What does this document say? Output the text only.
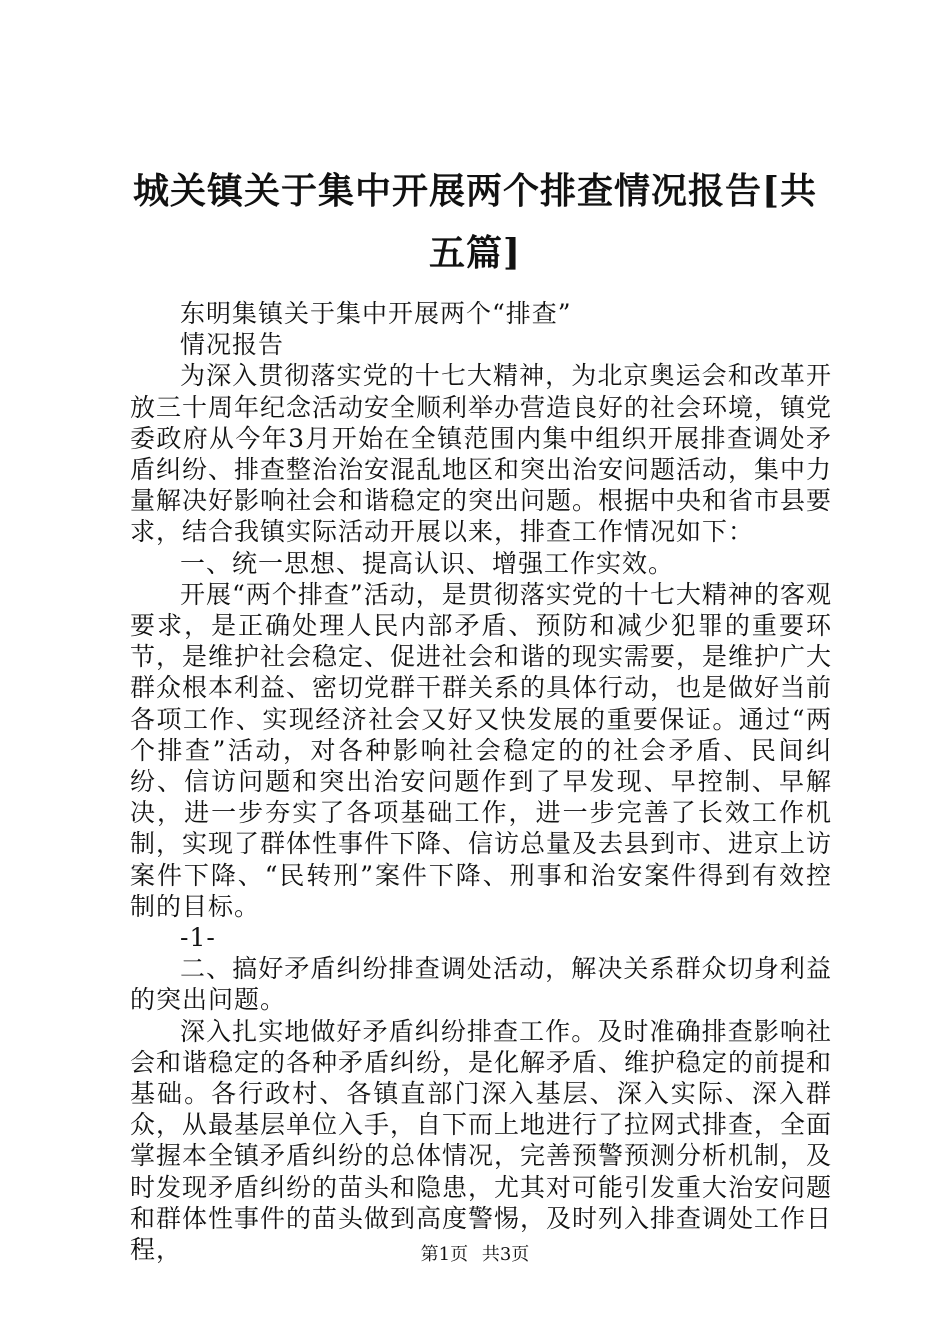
城关镇关于集中开展两个排查情况报告[共五篇]

东明集镇关于集中开展两个“排查”

情况报告

为深入贯彻落实党的十七大精神，为北京奥运会和改革开放三十周年纪念活动安全顺利举办营造良好的社会环境，镇党委政府从今年3月开始在全镇范围内集中组织开展排查调处矛盾纠纷、排查整治治安混乱地区和突出治安问题活动，集中力量解决好影响社会和谐稳定的突出问题。根据中央和省市县要求，结合我镇实际活动开展以来，排查工作情况如下：

一、统一思想、提高认识、增强工作实效。

开展“两个排查”活动，是贯彻落实党的十七大精神的客观要求，是正确处理人民内部矛盾、预防和减少犯罪的重要环节，是维护社会稳定、促进社会和谐的现实需要，是维护广大群众根本利益、密切党群干群关系的具体行动，也是做好当前各项工作、实现经济社会又好又快发展的重要保证。通过“两个排查”活动，对各种影响社会稳定的的社会矛盾、民间纠纷、信访问题和突出治安问题作到了早发现、早控制、早解决，进一步夯实了各项基础工作，进一步完善了长效工作机制，实现了群体性事件下降、信访总量及去县到市、进京上访案件下降、“民转刑”案件下降、刑事和治安案件得到有效控制的目标。

-1-

二、搞好矛盾纠纷排查调处活动，解决关系群众切身利益的突出问题。

深入扎实地做好矛盾纠纷排查工作。及时准确排查影响社会和谐稳定的各种矛盾纠纷，是化解矛盾、维护稳定的前提和基础。各行政村、各镇直部门深入基层、深入实际、深入群众，从最基层单位入手，自下而上地进行了拉网式排查，全面掌握本全镇矛盾纠纷的总体情况，完善预警预测分析机制，及时发现矛盾纠纷的苗头和隐患，尤其对可能引发重大治安问题和群体性事件的苗头做到高度警惕，及时列入排查调处工作日程，	第1页 共3页
